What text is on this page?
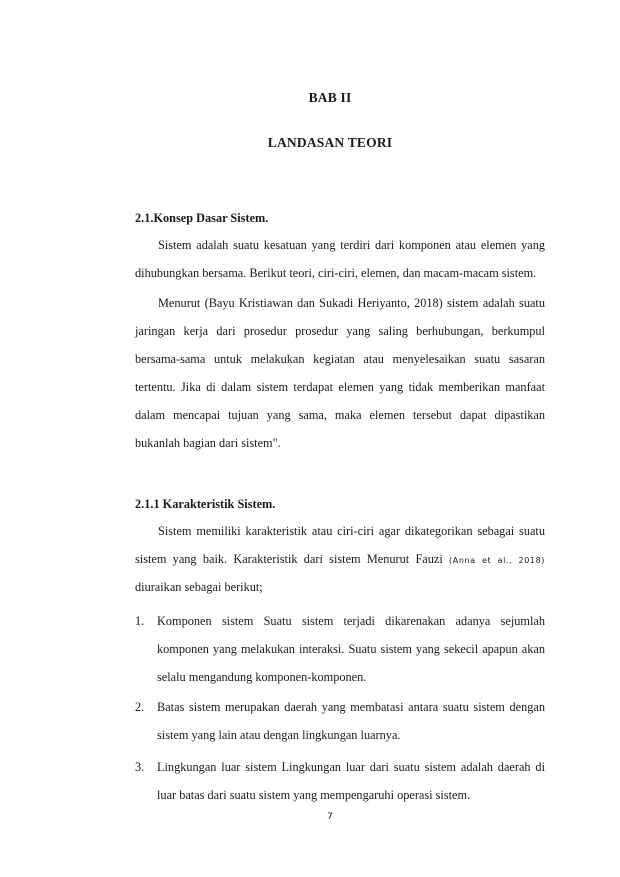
BAB II
LANDASAN TEORI
2.1.Konsep Dasar Sistem.
Sistem adalah suatu kesatuan yang terdiri dari komponen atau elemen yang
dihubungkan bersama. Berikut teori, ciri-ciri, elemen, dan macam-macam sistem.
Menurut (Bayu Kristiawan dan Sukadi Heriyanto, 2018) sistem adalah suatu
jaringan kerja dari prosedur prosedur yang saling berhubungan, berkumpul
bersama-sama untuk melakukan kegiatan atau menyelesaikan suatu sasaran
tertentu. Jika di dalam sistem terdapat elemen yang tidak memberikan manfaat
dalam mencapai tujuan yang sama, maka elemen tersebut dapat dipastikan
bukanlah bagian dari sistem".
2.1.1 Karakteristik Sistem.
Sistem memiliki karakteristik atau ciri-ciri agar dikategorikan sebagai suatu
sistem yang baik. Karakteristik dari sistem Menurut Fauzi (Anna et al., 2018)
diuraikan sebagai berikut;
1. Komponen sistem Suatu sistem terjadi dikarenakan adanya sejumlah
komponen yang melakukan interaksi. Suatu sistem yang sekecil apapun akan
selalu mengandung komponen-komponen.
2. Batas sistem merupakan daerah yang membatasi antara suatu sistem dengan
sistem yang lain atau dengan lingkungan luarnya.
3. Lingkungan luar sistem Lingkungan luar dari suatu sistem adalah daerah di
luar batas dari suatu sistem yang mempengaruhi operasi sistem.
7
